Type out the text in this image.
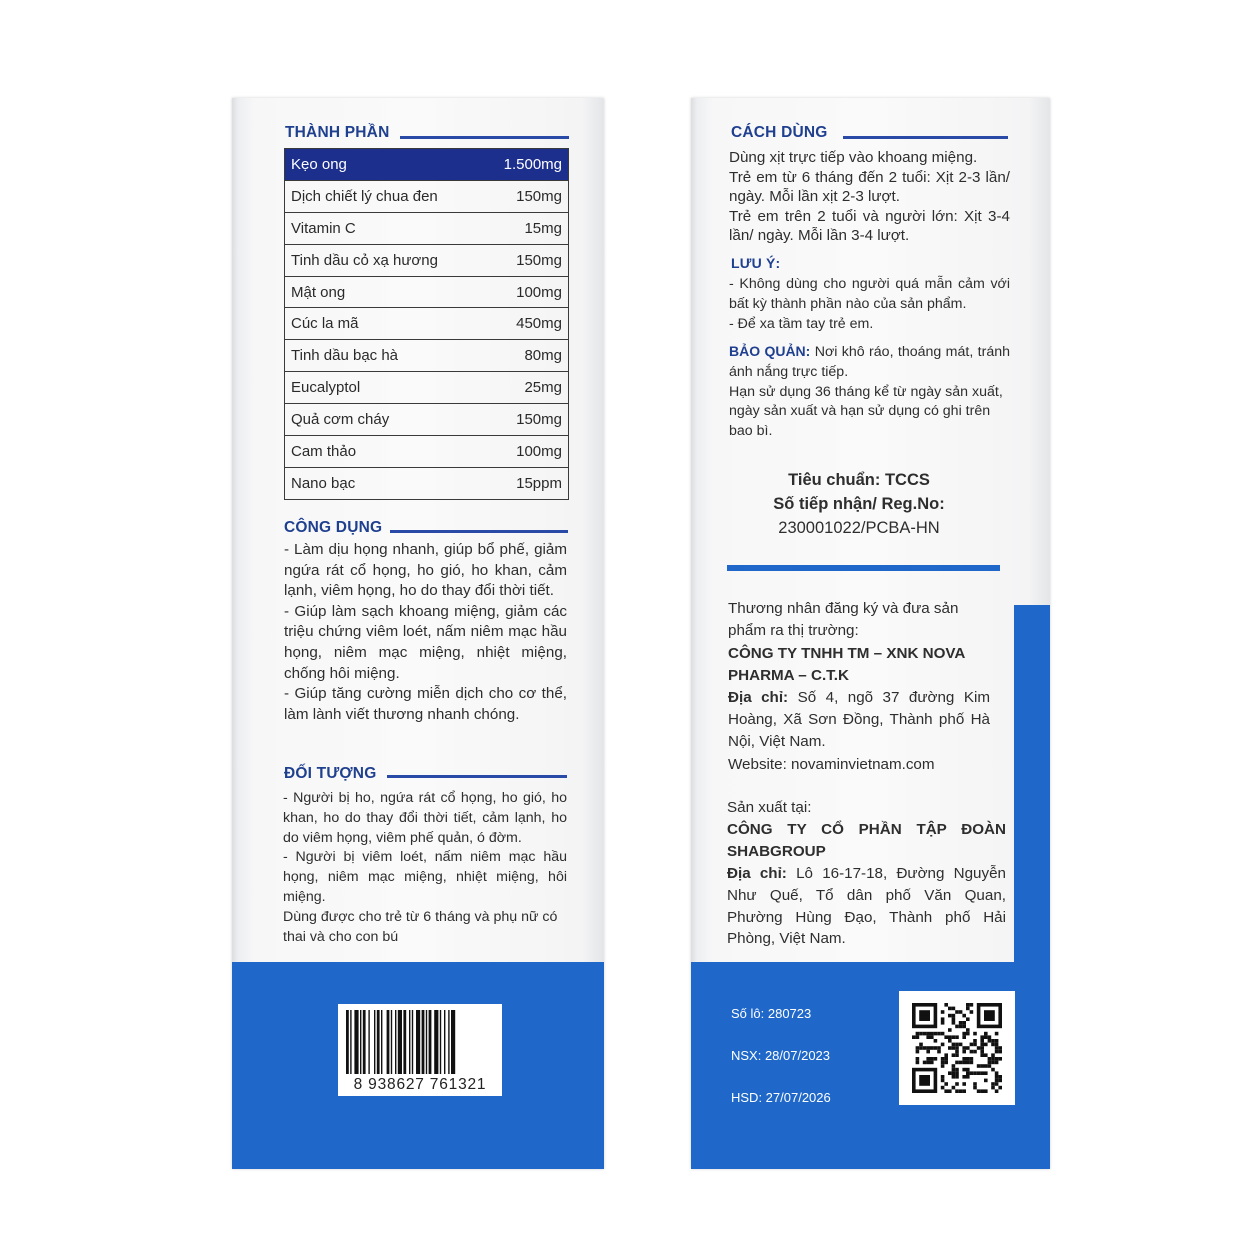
THÀNH PHẦN
Kẹo ong	1.500mg
Dịch chiết lý chua đen	150mg
Vitamin C	15mg
Tinh dầu cỏ xạ hương	150mg
Mật ong	100mg
Cúc la mã	450mg
Tinh dầu bạc hà	80mg
Eucalyptol	25mg
Quả cơm cháy	150mg
Cam thảo	100mg
Nano bạc	15ppm
CÔNG DỤNG

- Làm dịu họng nhanh, giúp bổ phế, giảm ngứa rát cổ họng, ho gió, ho khan, cảm lạnh, viêm họng, ho do thay đổi thời tiết.

- Giúp làm sạch khoang miệng, giảm các triệu chứng viêm loét, nấm niêm mạc hầu họng, niêm mạc miệng, nhiệt miệng, chống hôi miệng.

- Giúp tăng cường miễn dịch cho cơ thể, làm lành viết thương nhanh chóng.

ĐỐI TƯỢNG

- Người bị ho, ngứa rát cổ họng, ho gió, ho khan, ho do thay đổi thời tiết, cảm lạnh, ho do viêm họng, viêm phế quản, ó đờm.

- Người bị viêm loét, nấm niêm mạc hầu họng, niêm mạc miệng, nhiệt miệng, hôi miệng.

Dùng được cho trẻ từ 6 tháng và phụ nữ có thai và cho con bú

8 938627 761321
CÁCH DÙNG

Dùng xịt trực tiếp vào khoang miệng.

Trẻ em từ 6 tháng đến 2 tuổi: Xịt 2-3 lần/ ngày. Mỗi lần xịt 2-3 lượt.

Trẻ em trên 2 tuổi và người lớn: Xịt 3-4 lần/ ngày. Mỗi lần 3-4 lượt.

LƯU Ý:

- Không dùng cho người quá mẫn cảm với bất kỳ thành phần nào của sản phẩm.

- Để xa tầm tay trẻ em.

BẢO QUẢN: Nơi khô ráo, thoáng mát, tránh ánh nắng trực tiếp.

Hạn sử dụng 36 tháng kể từ ngày sản xuất, ngày sản xuất và hạn sử dụng có ghi trên bao bì.

Tiêu chuẩn: TCCS
Số tiếp nhận/ Reg.No:
230001022/PCBA-HN
Thương nhân đăng ký và đưa sản phẩm ra thị trường:
CÔNG TY TNHH TM – XNK NOVA PHARMA – C.T.K
Địa chỉ: Số 4, ngõ 37 đường Kim Hoàng, Xã Sơn Đồng, Thành phố Hà Nội, Việt Nam.
Website: novaminvietnam.com
Sản xuất tại:
CÔNG TY CỔ PHẦN TẬP ĐOÀN SHABGROUP
Địa chỉ: Lô 16-17-18, Đường Nguyễn Như Quế, Tổ dân phố Văn Quan, Phường Hùng Đạo, Thành phố Hải Phòng, Việt Nam.
Số lô: 280723
NSX: 28/07/2023
HSD: 27/07/2026
